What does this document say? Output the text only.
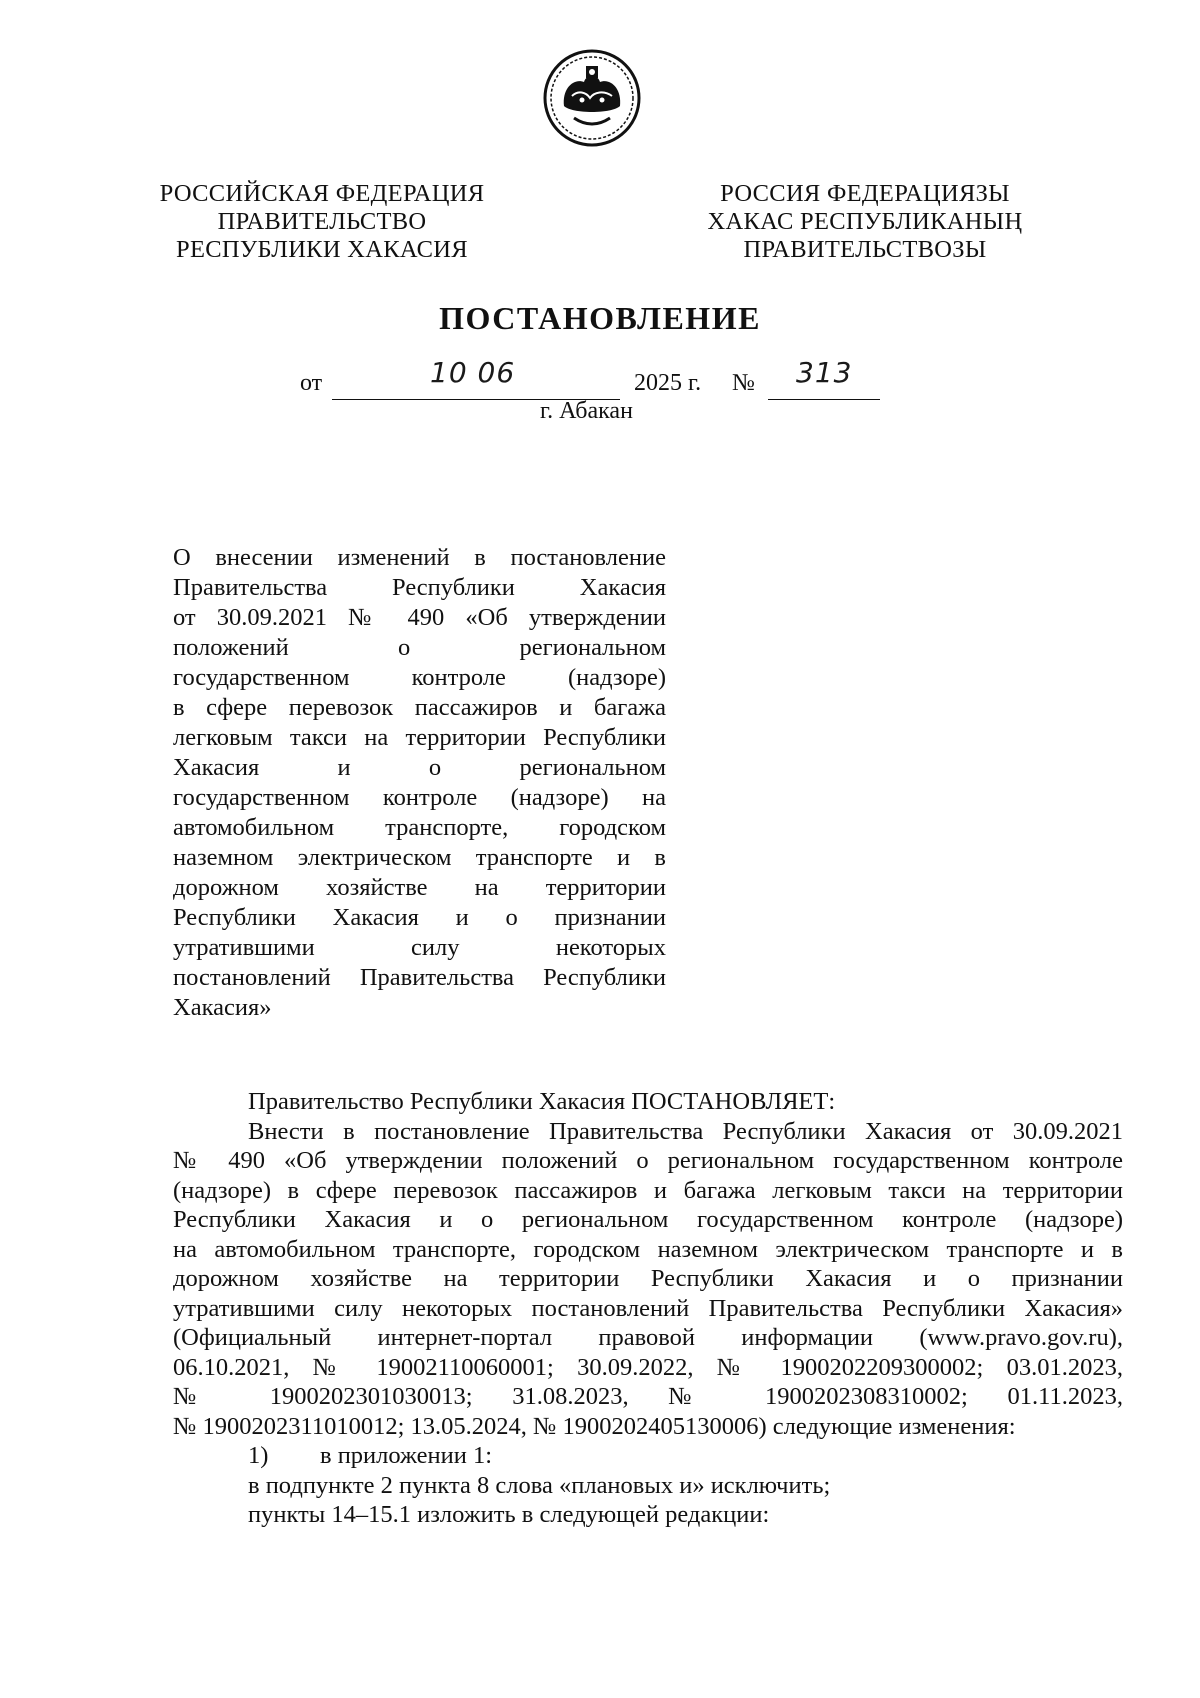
РОССИЙСКАЯ ФЕДЕРАЦИЯ
ПРАВИТЕЛЬСТВО
РЕСПУБЛИКИ ХАКАСИЯ
РОССИЯ ФЕДЕРАЦИЯЗЫ
ХАКАС РЕСПУБЛИКАНЫҢ
ПРАВИТЕЛЬСТВОЗЫ
ПОСТАНОВЛЕНИЕ
от	10 06	2025 г. № 313
г. Абакан
О внесении изменений в постановление
Правительства Республики Хакасия
от 30.09.2021 № 490 «Об утверждении
положений о региональном
государственном контроле (надзоре)
в сфере перевозок пассажиров и багажа
легковым такси на территории Республики
Хакасия и о региональном
государственном контроле (надзоре) на
автомобильном транспорте, городском
наземном электрическом транспорте и в
дорожном хозяйстве на территории
Республики Хакасия и о признании
утратившими силу некоторых
постановлений Правительства Республики
Хакасия»
Правительство Республики Хакасия ПОСТАНОВЛЯЕТ:
Внести в постановление Правительства Республики Хакасия от 30.09.2021
№ 490 «Об утверждении положений о региональном государственном контроле
(надзоре) в сфере перевозок пассажиров и багажа легковым такси на территории
Республики Хакасия и о региональном государственном контроле (надзоре)
на автомобильном транспорте, городском наземном электрическом транспорте и в
дорожном хозяйстве на территории Республики Хакасия и о признании
утратившими силу некоторых постановлений Правительства Республики Хакасия»
(Официальный интернет-портал правовой информации (www.pravo.gov.ru),
06.10.2021, № 19002110060001; 30.09.2022, № 1900202209300002; 03.01.2023,
№ 1900202301030013; 31.08.2023, № 1900202308310002; 01.11.2023,
№ 1900202311010012; 13.05.2024, № 1900202405130006) следующие изменения:
1) в приложении 1:
в подпункте 2 пункта 8 слова «плановых и» исключить;
пункты 14–15.1 изложить в следующей редакции:
